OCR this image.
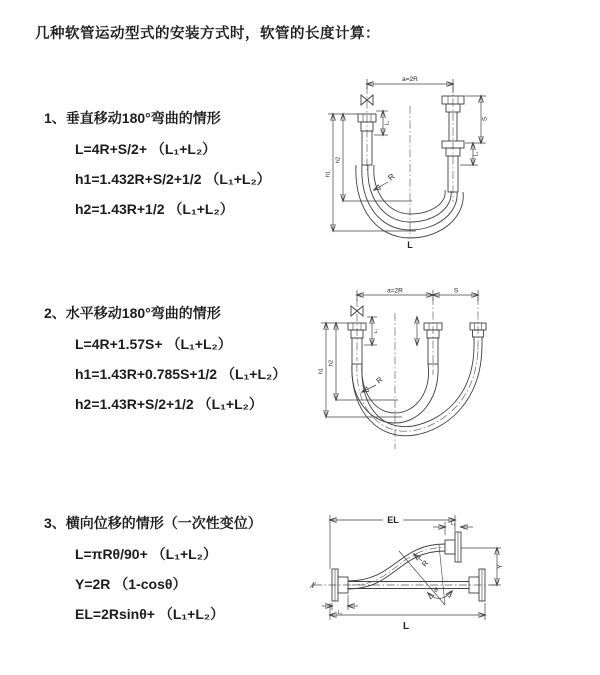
几种软管运动型式的安装方式时，软管的长度计算：
1、垂直移动180°弯曲的情形
L=4R+S/2+ （L₁+L₂）
h1=1.432R+S/2+1/2 （L₁+L₂）
h2=1.43R+1/2 （L₁+L₂）
2、水平移动180°弯曲的情形
L=4R+1.57S+ （L₁+L₂）
h1=1.43R+0.785S+1/2 （L₁+L₂）
h2=1.43R+S/2+1/2 （L₁+L₂）
3、横向位移的情形（一次性变位）
L=πRθ/90+ （L₁+L₂）
Y=2R （1-cosθ）
EL=2Rsinθ+ （L₁+L₂）
a=2R
L₁
S
L₁
h1
h2
R
L
a=2R	S
L₁
h1
h2
R
EL	L₁
Y
R
θ
L₁
L
